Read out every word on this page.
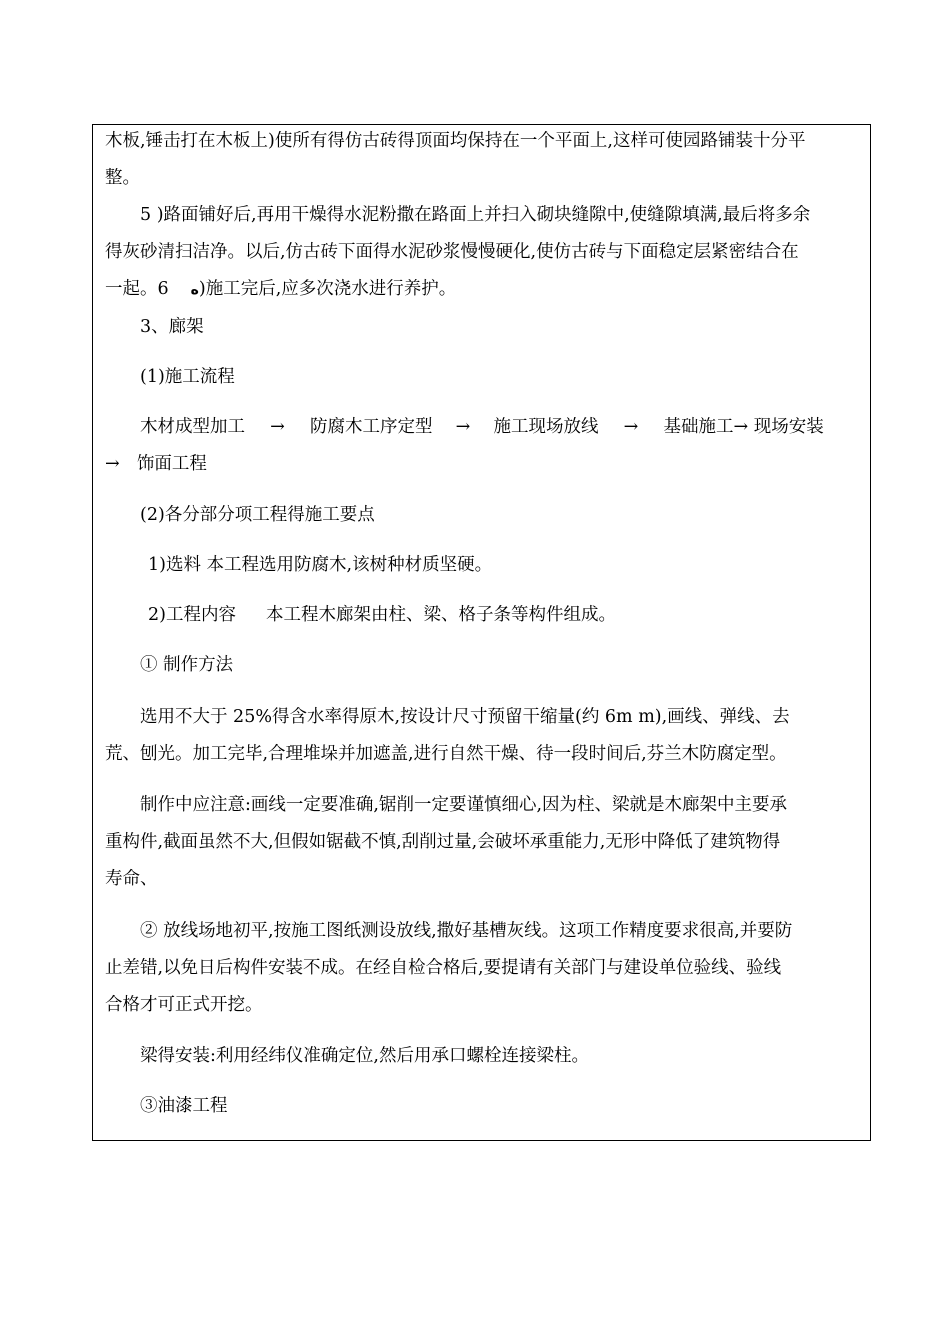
木板,锤击打在木板上)使所有得仿古砖得顶面均保持在一个平面上,这样可使园路铺装十分平
整。
5 )路面铺好后,再用干燥得水泥粉撒在路面上并扫入砌块缝隙中,使缝隙填满,最后将多余
得灰砂清扫洁净。以后,仿古砖下面得水泥砂浆慢慢硬化,使仿古砖与下面稳定层紧密结合在
一起。6 ه)施工完后,应多次浇水进行养护。
3、廊架
(1)施工流程
木材成型加工 → 防腐木工序定型 → 施工现场放线 → 基础施工→ 现场安装
→ 饰面工程
(2)各分部分项工程得施工要点
1)选料 本工程选用防腐木,该树种材质坚硬。
2)工程内容 本工程木廊架由柱、梁、格子条等构件组成。
① 制作方法
选用不大于 25%得含水率得原木,按设计尺寸预留干缩量(约 6m m),画线、弹线、去
荒、刨光。加工完毕,合理堆垛并加遮盖,进行自然干燥、待一段时间后,芬兰木防腐定型。
制作中应注意:画线一定要准确,锯削一定要谨慎细心,因为柱、梁就是木廊架中主要承
重构件,截面虽然不大,但假如锯截不慎,刮削过量,会破坏承重能力,无形中降低了建筑物得
寿命、
② 放线场地初平,按施工图纸测设放线,撒好基槽灰线。这项工作精度要求很高,并要防
止差错,以免日后构件安装不成。在经自检合格后,要提请有关部门与建设单位验线、验线
合格才可正式开挖。
梁得安装:利用经纬仪准确定位,然后用承口螺栓连接梁柱。
③油漆工程
